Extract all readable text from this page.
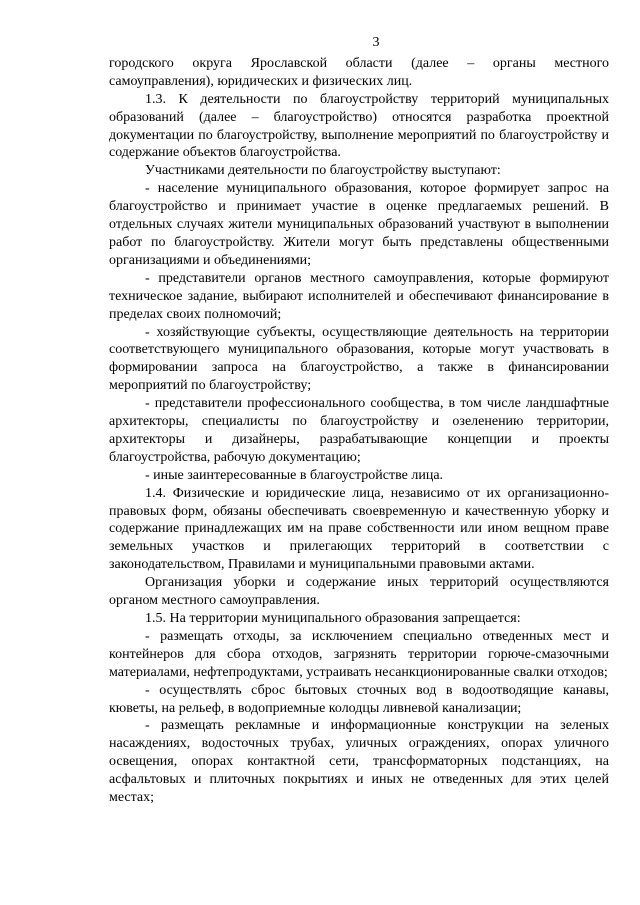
3

городского округа Ярославской области (далее – органы местного самоуправления), юридических и физических лиц.

1.3. К деятельности по благоустройству территорий муниципальных образований (далее – благоустройство) относятся разработка проектной документации по благоустройству, выполнение мероприятий по благоустройству и содержание объектов благоустройства.

Участниками деятельности по благоустройству выступают:

- население муниципального образования, которое формирует запрос на благоустройство и принимает участие в оценке предлагаемых решений. В отдельных случаях жители муниципальных образований участвуют в выполнении работ по благоустройству. Жители могут быть представлены общественными организациями и объединениями;

- представители органов местного самоуправления, которые формируют техническое задание, выбирают исполнителей и обеспечивают финансирование в пределах своих полномочий;

- хозяйствующие субъекты, осуществляющие деятельность на территории соответствующего муниципального образования, которые могут участвовать в формировании запроса на благоустройство, а также в финансировании мероприятий по благоустройству;

- представители профессионального сообщества, в том числе ландшафтные архитекторы, специалисты по благоустройству и озеленению территории, архитекторы и дизайнеры, разрабатывающие концепции и проекты благоустройства, рабочую документацию;

- иные заинтересованные в благоустройстве лица.

1.4. Физические и юридические лица, независимо от их организационно-правовых форм, обязаны обеспечивать своевременную и качественную уборку и содержание принадлежащих им на праве собственности или ином вещном праве земельных участков и прилегающих территорий в соответствии с законодательством, Правилами и муниципальными правовыми актами.

Организация уборки и содержание иных территорий осуществляются органом местного самоуправления.

1.5. На территории муниципального образования запрещается:

- размещать отходы, за исключением специально отведенных мест и контейнеров для сбора отходов, загрязнять территории горюче-смазочными материалами, нефтепродуктами, устраивать несанкционированные свалки отходов;

- осуществлять сброс бытовых сточных вод в водоотводящие канавы, кюветы, на рельеф, в водоприемные колодцы ливневой канализации;

- размещать рекламные и информационные конструкции на зеленых насаждениях, водосточных трубах, уличных ограждениях, опорах уличного освещения, опорах контактной сети, трансформаторных подстанциях, на асфальтовых и плиточных покрытиях и иных не отведенных для этих целей местах;
